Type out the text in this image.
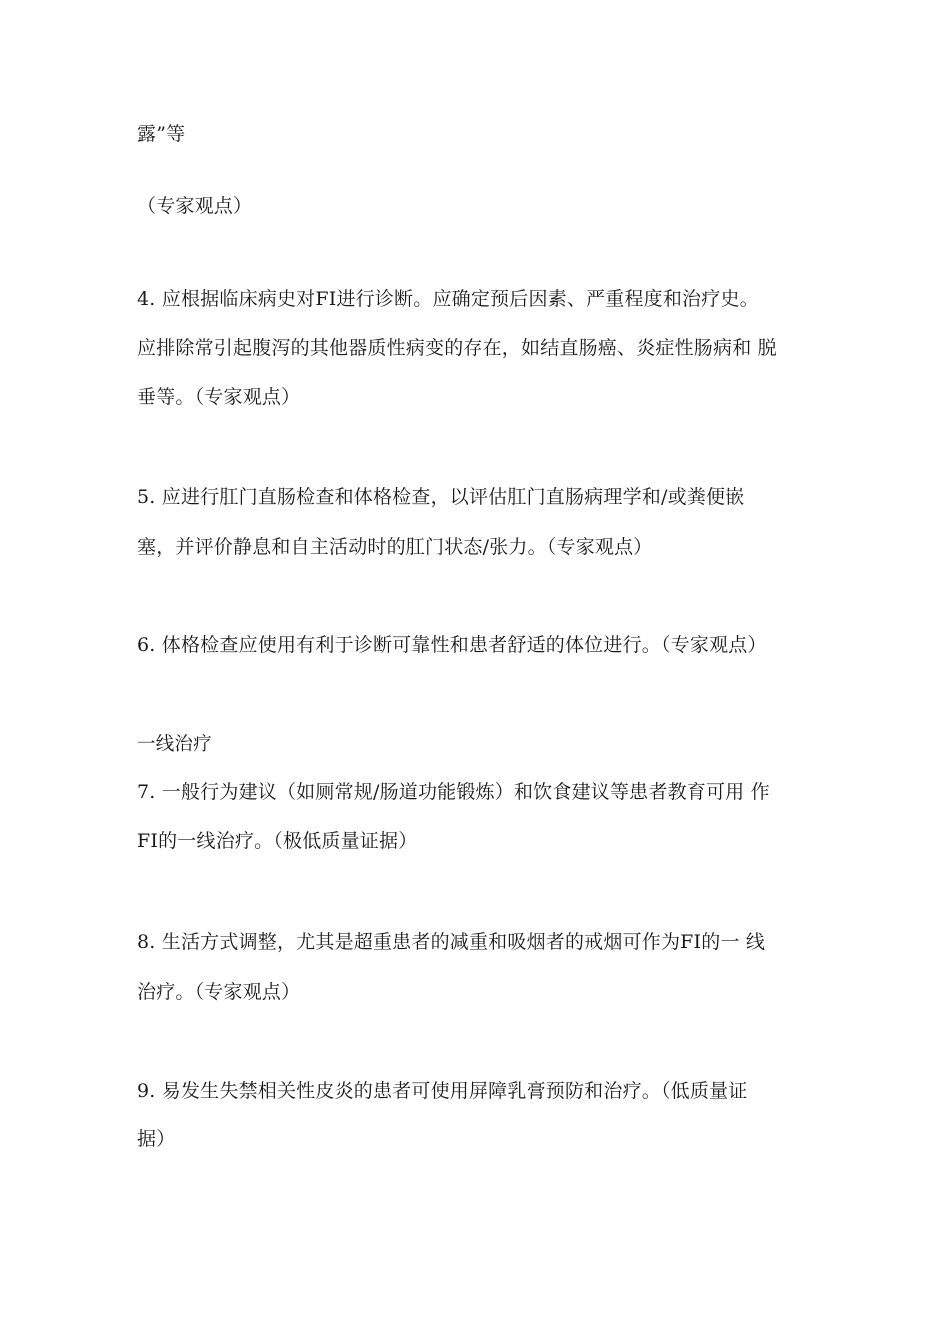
露”等
（专家观点）
4. 应根据临床病史对FI进行诊断。应确定预后因素、严重程度和治疗史。
应排除常引起腹泻的其他器质性病变的存在，如结直肠癌、炎症性肠病和 脱
垂等。（专家观点）
5. 应进行肛门直肠检查和体格检查，以评估肛门直肠病理学和/或粪便嵌
塞，并评价静息和自主活动时的肛门状态/张力。（专家观点）
6. 体格检查应使用有利于诊断可靠性和患者舒适的体位进行。（专家观点）
一线治疗
7. 一般行为建议（如厕常规/肠道功能锻炼）和饮食建议等患者教育可用 作
FI的一线治疗。（极低质量证据）
8. 生活方式调整，尤其是超重患者的减重和吸烟者的戒烟可作为FI的一 线
治疗。（专家观点）
9. 易发生失禁相关性皮炎的患者可使用屏障乳膏预防和治疗。（低质量证
据）
